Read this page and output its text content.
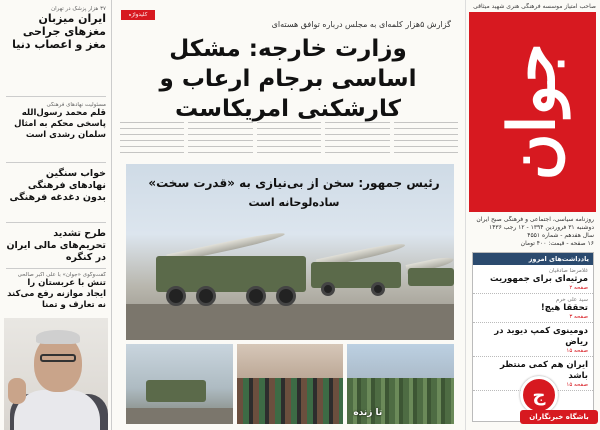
صاحب امتیاز موسسه فرهنگی هنری شهید میثاقی
جوان
روزنامه سیاسی، اجتماعی و فرهنگی صبح ایران
دوشنبه ۳۱ فروردین ۱۳۹۴ - ۱۲ رجب ۱۴۳۶
سال هفدهم - شماره ۴۵۵۱
۱۶ صفحه - قیمت: ۴۰۰ تومان
یادداشت‌های امروز
غلامرضا صادقیان
مرثیه‌ای برای جمهوریت
صفحه ۲
سید علی خرم
تحققا هیچ!
صفحه ۳
دومینوی کمپ دیوید در ریاض
صفحه ۱۵
ایران هم کمی منتظر باشد
صفحه ۱۵
۳۷ هزار پزشک در تهران
ایران میزبان مغزهای جراحی مغز و اعصاب دنیا
مسئولیت نهادهای فرهنگی
قلم محمد رسول‌الله پاسخی محکم به امثال سلمان رشدی است
خواب سنگین نهادهای فرهنگی بدون دغدغه فرهنگی
طرح تشدید تحریم‌های مالی ایران در کنگره
گفت‌وگوی «جوان» با علی اکبر صالحی
تنش با عربستان را ایجاد موازنه رفع می‌کند نه تعارف و تمنا
کلیدواژه
گزارش ۵هزار کلمه‌ای به مجلس درباره توافق هسته‌ای
وزارت خارجه: مشکل اساسی برجام ارعاب و کارشکنی امریکاست
رئیس جمهور: سخن از بی‌نیازی به «قدرت سخت»
ساده‌لوحانه است
تا زنده
ج
باشگاه خبرنگاران
